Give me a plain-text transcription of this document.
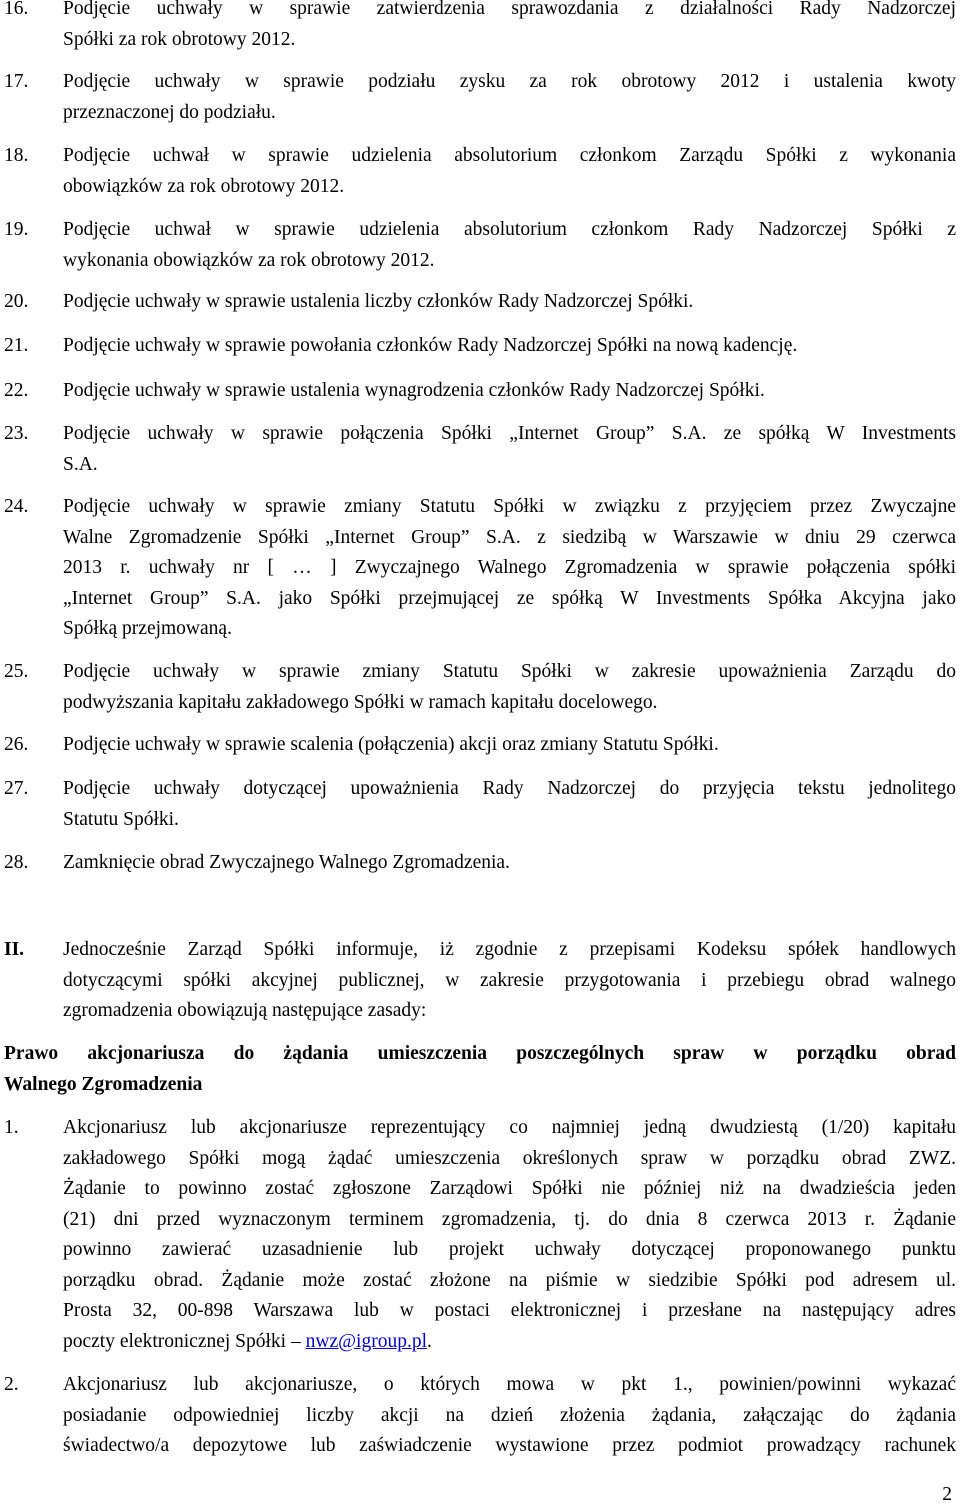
16. Podjęcie uchwały w sprawie zatwierdzenia sprawozdania z działalności Rady Nadzorczej
Spółki za rok obrotowy 2012.
17. Podjęcie uchwały w sprawie podziału zysku za rok obrotowy 2012 i ustalenia kwoty
przeznaczonej do podziału.
18. Podjęcie uchwał w sprawie udzielenia absolutorium członkom Zarządu Spółki z wykonania
obowiązków za rok obrotowy 2012.
19. Podjęcie uchwał w sprawie udzielenia absolutorium członkom Rady Nadzorczej Spółki z
wykonania obowiązków za rok obrotowy 2012.
20. Podjęcie uchwały w sprawie ustalenia liczby członków Rady Nadzorczej Spółki.
21. Podjęcie uchwały w sprawie powołania członków Rady Nadzorczej Spółki na nową kadencję.
22. Podjęcie uchwały w sprawie ustalenia wynagrodzenia członków Rady Nadzorczej Spółki.
23. Podjęcie uchwały w sprawie połączenia Spółki „Internet Group” S.A. ze spółką W Investments
S.A.
24. Podjęcie uchwały w sprawie zmiany Statutu Spółki w związku z przyjęciem przez Zwyczajne
Walne Zgromadzenie Spółki „Internet Group” S.A. z siedzibą w Warszawie w dniu 29 czerwca
2013 r. uchwały nr [ … ] Zwyczajnego Walnego Zgromadzenia w sprawie połączenia spółki
„Internet Group” S.A. jako Spółki przejmującej ze spółką W Investments Spółka Akcyjna jako
Spółką przejmowaną.
25. Podjęcie uchwały w sprawie zmiany Statutu Spółki w zakresie upoważnienia Zarządu do
podwyższania kapitału zakładowego Spółki w ramach kapitału docelowego.
26. Podjęcie uchwały w sprawie scalenia (połączenia) akcji oraz zmiany Statutu Spółki.
27. Podjęcie uchwały dotyczącej upoważnienia Rady Nadzorczej do przyjęcia tekstu jednolitego
Statutu Spółki.
28. Zamknięcie obrad Zwyczajnego Walnego Zgromadzenia.
II. Jednocześnie Zarząd Spółki informuje, iż zgodnie z przepisami Kodeksu spółek handlowych
dotyczącymi spółki akcyjnej publicznej, w zakresie przygotowania i przebiegu obrad walnego
zgromadzenia obowiązują następujące zasady:
Prawo akcjonariusza do żądania umieszczenia poszczególnych spraw w porządku obrad
Walnego Zgromadzenia
1. Akcjonariusz lub akcjonariusze reprezentujący co najmniej jedną dwudziestą (1/20) kapitału
zakładowego Spółki mogą żądać umieszczenia określonych spraw w porządku obrad ZWZ.
Żądanie to powinno zostać zgłoszone Zarządowi Spółki nie później niż na dwadzieścia jeden
(21) dni przed wyznaczonym terminem zgromadzenia, tj. do dnia 8 czerwca 2013 r. Żądanie
powinno zawierać uzasadnienie lub projekt uchwały dotyczącej proponowanego punktu
porządku obrad. Żądanie może zostać złożone na piśmie w siedzibie Spółki pod adresem ul.
Prosta 32, 00-898 Warszawa lub w postaci elektronicznej i przesłane na następujący adres
poczty elektronicznej Spółki – nwz@igroup.pl.
2. Akcjonariusz lub akcjonariusze, o których mowa w pkt 1., powinien/powinni wykazać
posiadanie odpowiedniej liczby akcji na dzień złożenia żądania, załączając do żądania
świadectwo/a depozytowe lub zaświadczenie wystawione przez podmiot prowadzący rachunek
2
